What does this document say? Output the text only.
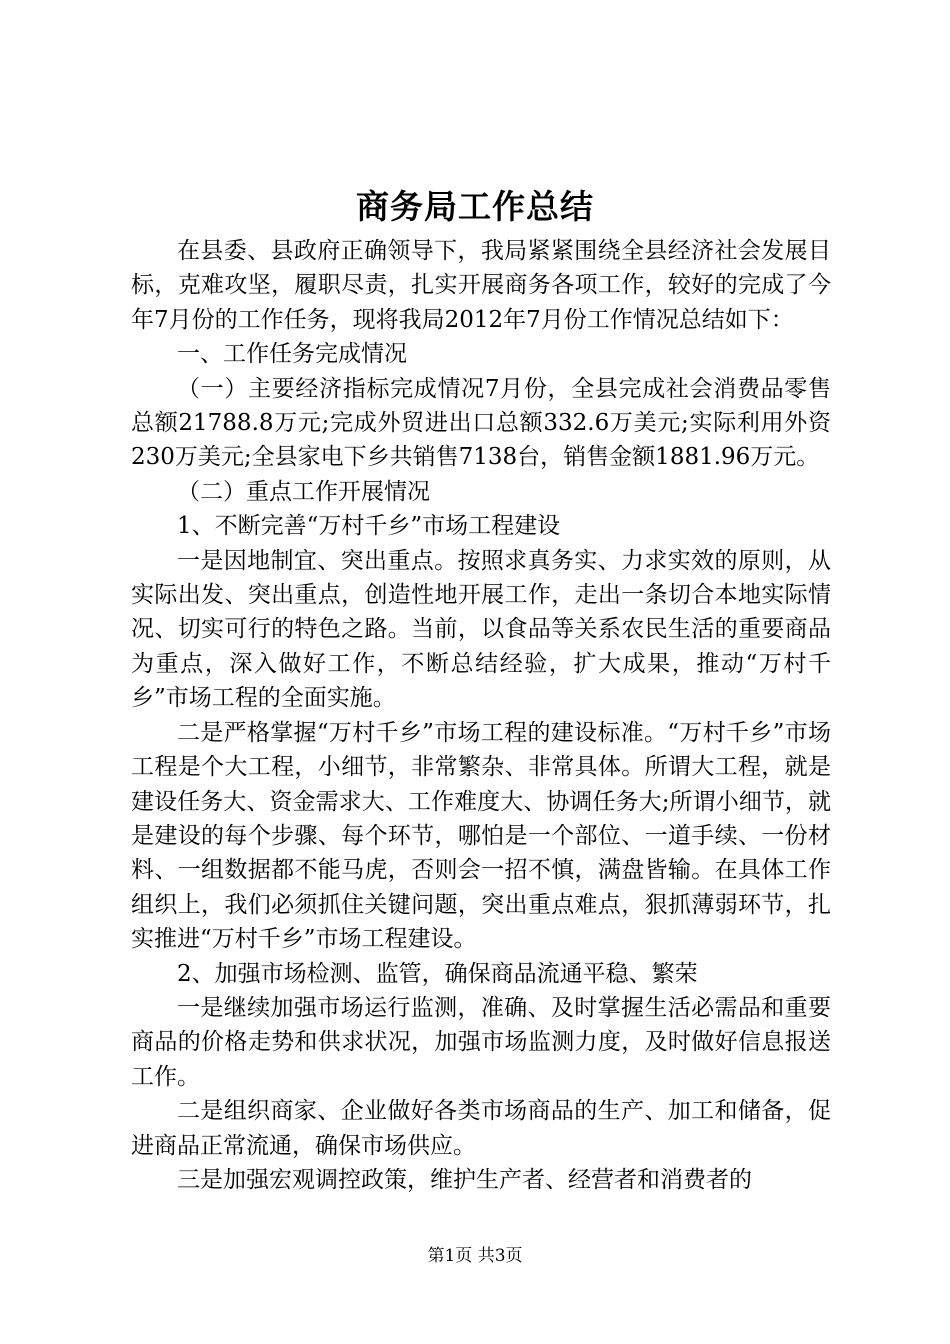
商务局工作总结

在县委、县政府正确领导下，我局紧紧围绕全县经济社会发展目标，克难攻坚，履职尽责，扎实开展商务各项工作，较好的完成了今年7月份的工作任务，现将我局2012年7月份工作情况总结如下：

一、工作任务完成情况

（一）主要经济指标完成情况7月份，全县完成社会消费品零售总额21788.8万元;完成外贸进出口总额332.6万美元;实际利用外资230万美元;全县家电下乡共销售7138台，销售金额1881.96万元。

（二）重点工作开展情况

1、不断完善“万村千乡”市场工程建设

一是因地制宜、突出重点。按照求真务实、力求实效的原则，从实际出发、突出重点，创造性地开展工作，走出一条切合本地实际情况、切实可行的特色之路。当前，以食品等关系农民生活的重要商品为重点，深入做好工作，不断总结经验，扩大成果，推动“万村千乡”市场工程的全面实施。

二是严格掌握“万村千乡”市场工程的建设标准。“万村千乡”市场工程是个大工程，小细节，非常繁杂、非常具体。所谓大工程，就是建设任务大、资金需求大、工作难度大、协调任务大;所谓小细节，就是建设的每个步骤、每个环节，哪怕是一个部位、一道手续、一份材料、一组数据都不能马虎，否则会一招不慎，满盘皆输。在具体工作组织上，我们必须抓住关键问题，突出重点难点，狠抓薄弱环节，扎实推进“万村千乡”市场工程建设。

2、加强市场检测、监管，确保商品流通平稳、繁荣

一是继续加强市场运行监测，准确、及时掌握生活必需品和重要商品的价格走势和供求状况，加强市场监测力度，及时做好信息报送工作。

二是组织商家、企业做好各类市场商品的生产、加工和储备，促进商品正常流通，确保市场供应。

三是加强宏观调控政策，维护生产者、经营者和消费者的

第1页 共3页
